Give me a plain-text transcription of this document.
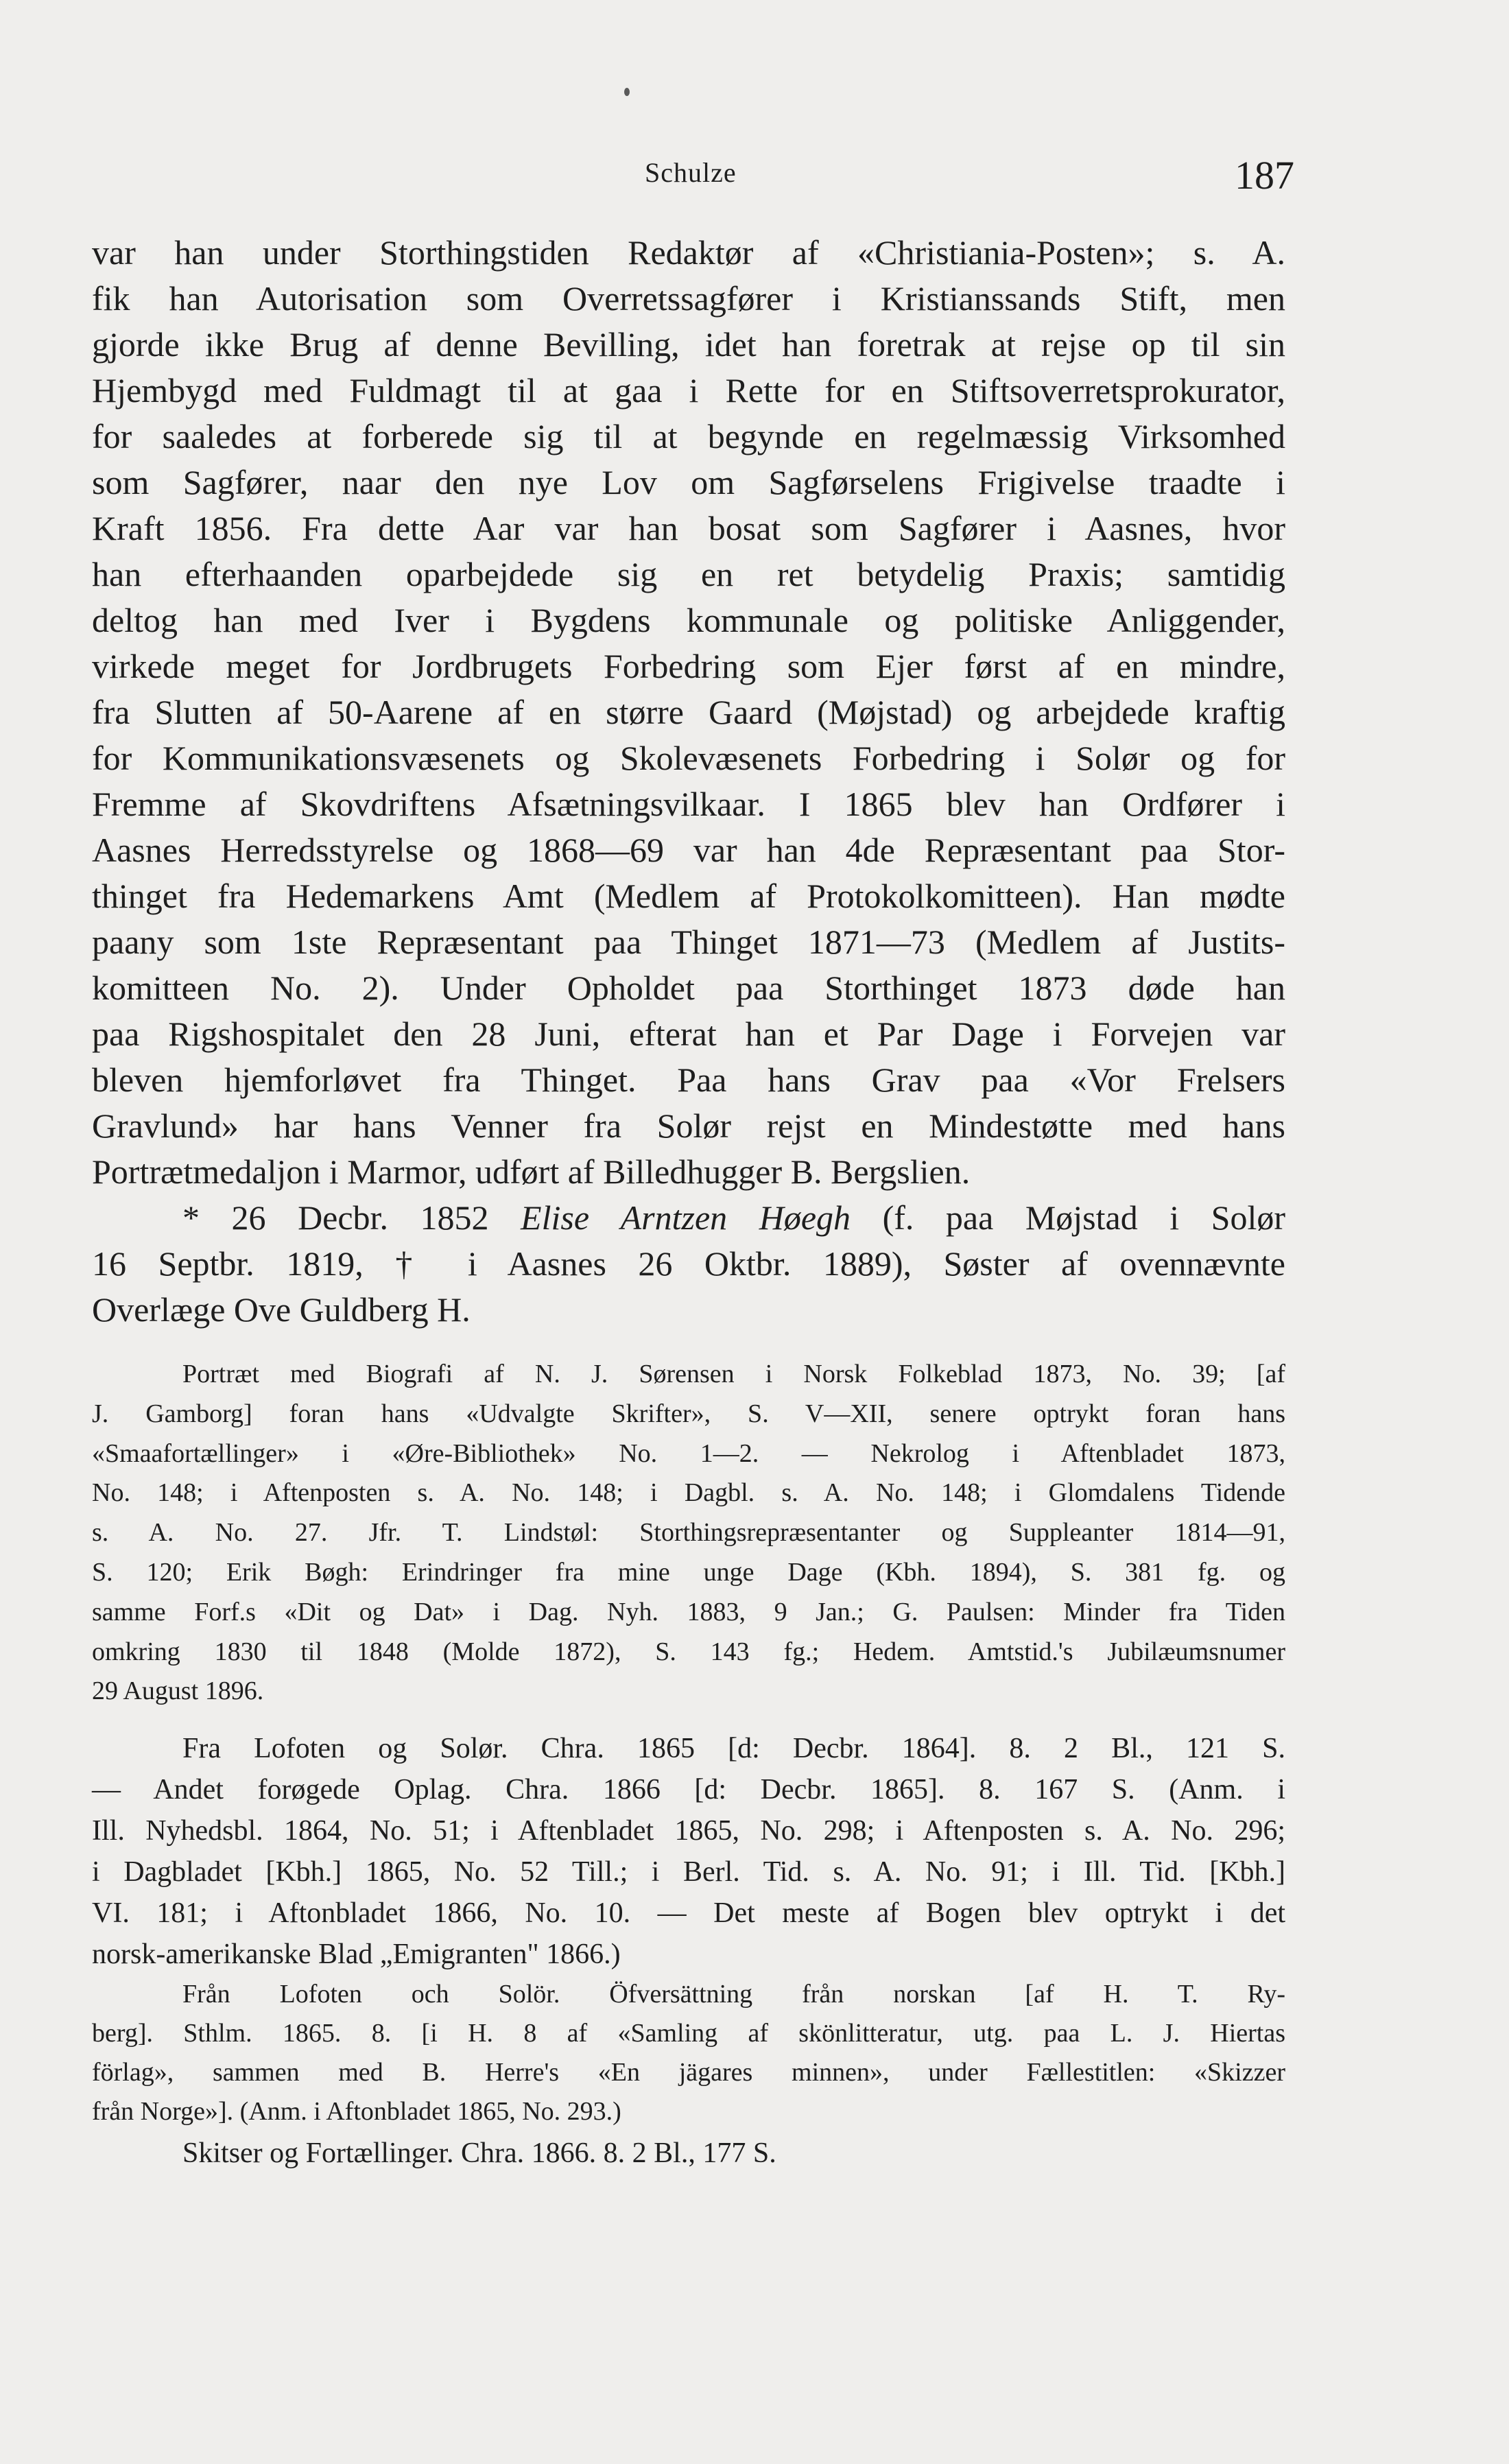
Schulze	187
var han under Storthingstiden Redaktør af «Christiania-Posten»; s. A.
fik han Autorisation som Overretssagfører i Kristianssands Stift, men
gjorde ikke Brug af denne Bevilling, idet han foretrak at rejse op til sin
Hjembygd med Fuldmagt til at gaa i Rette for en Stiftsoverretsprokurator,
for saaledes at forberede sig til at begynde en regelmæssig Virksomhed
som Sagfører, naar den nye Lov om Sagførselens Frigivelse traadte i
Kraft 1856. Fra dette Aar var han bosat som Sagfører i Aasnes, hvor
han efterhaanden oparbejdede sig en ret betydelig Praxis; samtidig
deltog han med Iver i Bygdens kommunale og politiske Anliggender,
virkede meget for Jordbrugets Forbedring som Ejer først af en mindre,
fra Slutten af 50-Aarene af en større Gaard (Møjstad) og arbejdede kraftig
for Kommunikationsvæsenets og Skolevæsenets Forbedring i Solør og for
Fremme af Skovdriftens Afsætningsvilkaar. I 1865 blev han Ordfører i
Aasnes Herredsstyrelse og 1868—69 var han 4de Repræsentant paa Stor-
thinget fra Hedemarkens Amt (Medlem af Protokolkomitteen). Han mødte
paany som 1ste Repræsentant paa Thinget 1871—73 (Medlem af Justits-
komitteen No. 2). Under Opholdet paa Storthinget 1873 døde han
paa Rigshospitalet den 28 Juni, efterat han et Par Dage i Forvejen var
bleven hjemforløvet fra Thinget. Paa hans Grav paa «Vor Frelsers
Gravlund» har hans Venner fra Solør rejst en Mindestøtte med hans
Portrætmedaljon i Marmor, udført af Billedhugger B. Bergslien.
* 26 Decbr. 1852 Elise Arntzen Høegh (f. paa Møjstad i Solør
16 Septbr. 1819, † i Aasnes 26 Oktbr. 1889), Søster af ovennævnte
Overlæge Ove Guldberg H.
Portræt med Biografi af N. J. Sørensen i Norsk Folkeblad 1873, No. 39; [af
J. Gamborg] foran hans «Udvalgte Skrifter», S. V—XII, senere optrykt foran hans
«Smaafortællinger» i «Øre-Bibliothek» No. 1—2. — Nekrolog i Aftenbladet 1873,
No. 148; i Aftenposten s. A. No. 148; i Dagbl. s. A. No. 148; i Glomdalens Tidende
s. A. No. 27. Jfr. T. Lindstøl: Storthingsrepræsentanter og Suppleanter 1814—91,
S. 120; Erik Bøgh: Erindringer fra mine unge Dage (Kbh. 1894), S. 381 fg. og
samme Forf.s «Dit og Dat» i Dag. Nyh. 1883, 9 Jan.; G. Paulsen: Minder fra Tiden
omkring 1830 til 1848 (Molde 1872), S. 143 fg.; Hedem. Amtstid.'s Jubilæumsnumer
29 August 1896.
Fra Lofoten og Solør. Chra. 1865 [d: Decbr. 1864]. 8. 2 Bl., 121 S.
— Andet forøgede Oplag. Chra. 1866 [d: Decbr. 1865]. 8. 167 S. (Anm. i
Ill. Nyhedsbl. 1864, No. 51; i Aftenbladet 1865, No. 298; i Aftenposten s. A. No. 296;
i Dagbladet [Kbh.] 1865, No. 52 Till.; i Berl. Tid. s. A. No. 91; i Ill. Tid. [Kbh.]
VI. 181; i Aftonbladet 1866, No. 10. — Det meste af Bogen blev optrykt i det
norsk-amerikanske Blad „Emigranten" 1866.)
Från Lofoten och Solör. Öfversättning från norskan [af H. T. Ry-
berg]. Sthlm. 1865. 8. [i H. 8 af «Samling af skönlitteratur, utg. paa L. J. Hiertas
förlag», sammen med B. Herre's «En jägares minnen», under Fællestitlen: «Skizzer
från Norge»]. (Anm. i Aftonbladet 1865, No. 293.)
Skitser og Fortællinger. Chra. 1866. 8. 2 Bl., 177 S.
